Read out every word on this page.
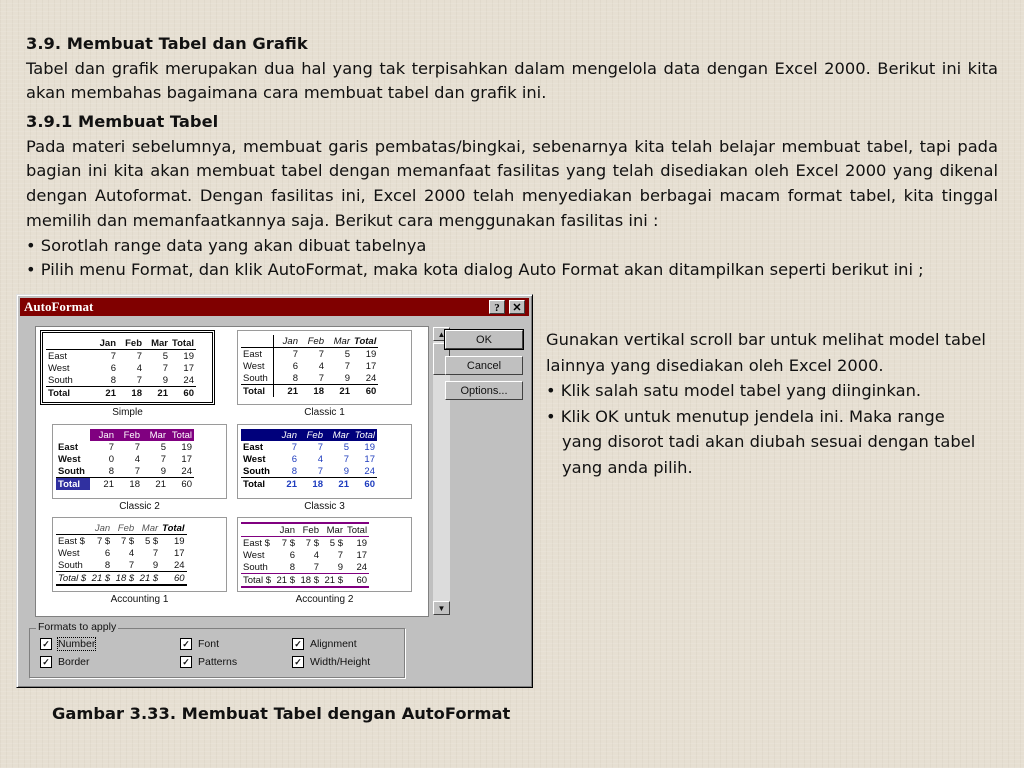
3.9. Membuat Tabel dan Grafik

Tabel dan grafik merupakan dua hal yang tak terpisahkan dalam mengelola data dengan Excel 2000. Berikut ini kita akan membahas bagaimana cara membuat tabel dan grafik ini.

3.9.1 Membuat Tabel

Pada materi sebelumnya, membuat garis pembatas/bingkai, sebenarnya kita telah belajar membuat tabel, tapi pada bagian ini kita akan membuat tabel dengan memanfaat fasilitas yang telah disediakan oleh Excel 2000 yang dikenal dengan Autoformat. Dengan fasilitas ini, Excel 2000 telah menyediakan berbagai macam format tabel, kita tinggal memilih dan memanfaatkannya saja. Berikut cara menggunakan fasilitas ini :

• Sorotlah range data yang akan dibuat tabelnya

• Pilih menu Format, dan klik AutoFormat, maka kota dialog Auto Format akan ditampilkan seperti berikut ini ;

AutoFormat	?	✕
	Jan	Feb	Mar	Total
East	7	7	5	19
West	6	4	7	17
South	8	7	9	24
Total	21	18	21	60
Simple
	Jan	Feb	Mar	Total
East	7	7	5	19
West	6	4	7	17
South	8	7	9	24
Total	21	18	21	60
Classic 1
	Jan	Feb	Mar	Total
East	7	7	5	19
West	0	4	7	17
South	8	7	9	24
Total	21	18	21	60
Classic 2
	Jan	Feb	Mar	Total
East	7	7	5	19
West	6	4	7	17
South	8	7	9	24
Total	21	18	21	60
Classic 3
	Jan	Feb	Mar	Total
East $	7 $	7 $	5 $	19
West	6	4	7	17
South	8	7	9	24
Total $	21 $	18 $	21 $	60
Accounting 1
	Jan	Feb	Mar	Total
East $	7 $	7 $	5 $	19
West	6	4	7	17
South	8	7	9	24
Total $	21 $	18 $	21 $	60
Accounting 2
▲
▼
OK
Cancel
Options...
Formats to apply
✓ Number	✓ Font	✓ Alignment
✓ Border	✓ Patterns	✓ Width/Height

Gunakan vertikal scroll bar untuk melihat model tabel lainnya yang disediakan oleh Excel 2000.

• Klik salah satu model tabel yang diinginkan.

• Klik OK untuk menutup jendela ini. Maka range

yang disorot tadi akan diubah sesuai dengan tabel

yang anda pilih.

Gambar 3.33. Membuat Tabel dengan AutoFormat
